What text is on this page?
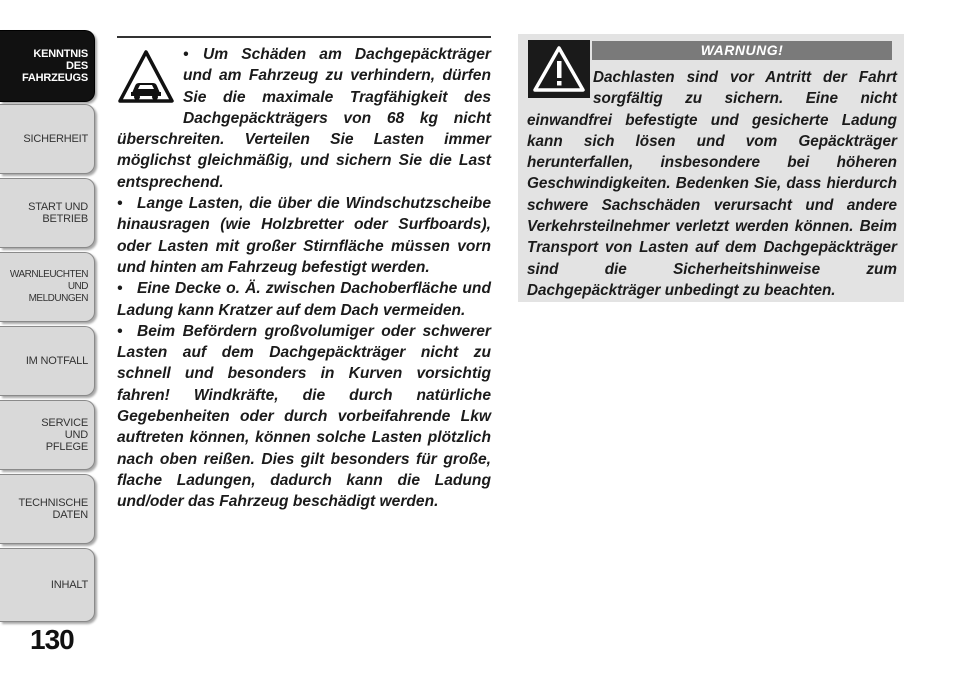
KENNTNIS
DES
FAHRZEUGS
SICHERHEIT
START UND
BETRIEB
WARNLEUCHTEN
UND
MELDUNGEN
IM NOTFALL
SERVICE
UND
PFLEGE
TECHNISCHE
DATEN
INHALT
130

• Um Schäden am Dachgepäckträger und am Fahrzeug zu verhindern, dürfen Sie die maximale Tragfähigkeit des Dachgepäckträgers von 68 kg nicht überschreiten. Verteilen Sie Lasten immer möglichst gleichmäßig, und sichern Sie die Last entsprechend.

• Lange Lasten, die über die Windschutzscheibe hinausragen (wie Holzbretter oder Surfboards), oder Lasten mit großer Stirnfläche müssen vorn und hinten am Fahrzeug befestigt werden.

• Eine Decke o. Ä. zwischen Dachoberfläche und Ladung kann Kratzer auf dem Dach vermeiden.

• Beim Befördern großvolumiger oder schwerer Lasten auf dem Dachgepäckträger nicht zu schnell und besonders in Kurven vorsichtig fahren! Windkräfte, die durch natürliche Gegebenheiten oder durch vorbeifahrende Lkw auftreten können, können solche Lasten plötzlich nach oben reißen. Dies gilt besonders für große, flache Ladungen, dadurch kann die Ladung und/oder das Fahrzeug beschädigt werden.

WARNUNG!

Dachlasten sind vor Antritt der Fahrt sorgfältig zu sichern. Eine nicht einwandfrei befestigte und gesicherte Ladung kann sich lösen und vom Gepäckträger herunterfallen, insbesondere bei höheren Geschwindigkeiten. Bedenken Sie, dass hierdurch schwere Sachschäden verursacht und andere Verkehrsteilnehmer verletzt werden können. Beim Transport von Lasten auf dem Dachgepäckträger sind die Sicherheitshinweise zum Dachgepäckträger unbedingt zu beachten.
